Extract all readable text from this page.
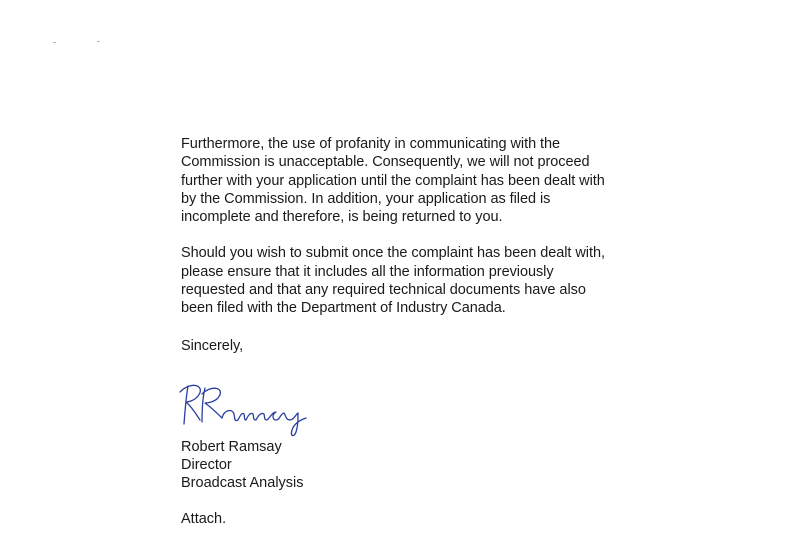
Furthermore, the use of profanity in communicating with the
Commission is unacceptable. Consequently, we will not proceed
further with your application until the complaint has been dealt with
by the Commission. In addition, your application as filed is
incomplete and therefore, is being returned to you.

Should you wish to submit once the complaint has been dealt with,
please ensure that it includes all the information previously
requested and that any required technical documents have also
been filed with the Department of Industry Canada.

Sincerely,

Robert Ramsay
Director
Broadcast Analysis
Attach.
